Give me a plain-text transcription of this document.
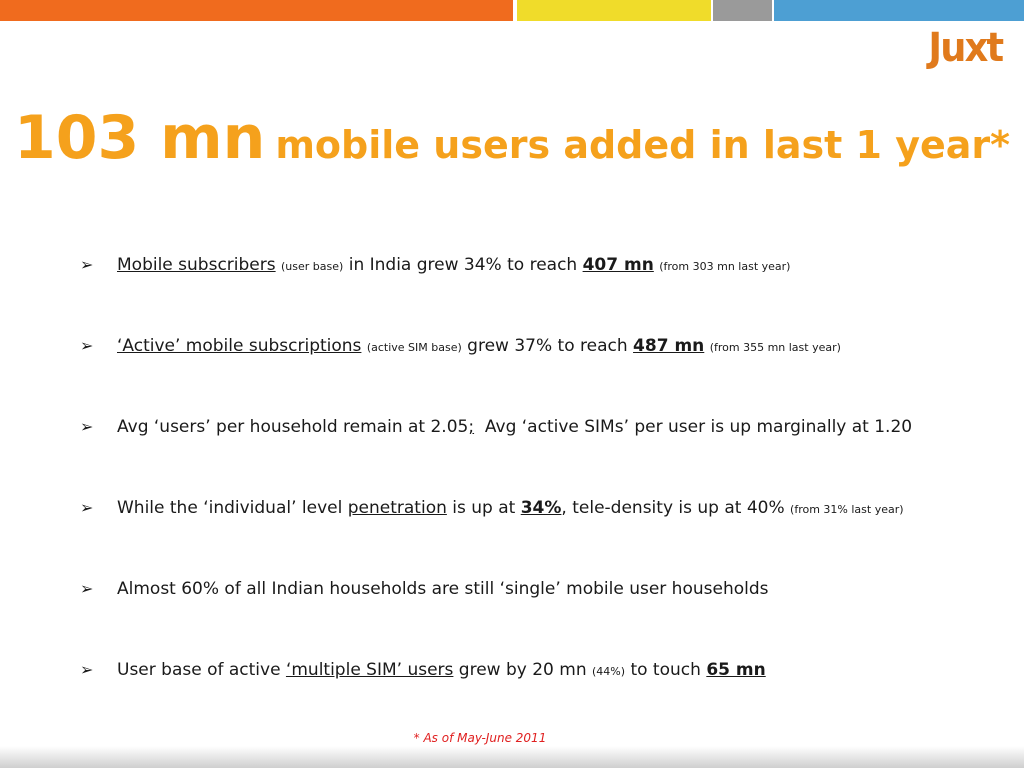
Juxt
103 mn mobile users added in last 1 year*
➢ Mobile subscribers (user base) in India grew 34% to reach 407 mn (from 303 mn last year)
➢ ‘Active’ mobile subscriptions (active SIM base) grew 37% to reach 487 mn (from 355 mn last year)
➢ Avg ‘users’ per household remain at 2.05;  Avg ‘active SIMs’ per user is up marginally at 1.20
➢ While the ‘individual’ level penetration is up at 34%, tele-density is up at 40% (from 31% last year)
➢ Almost 60% of all Indian households are still ‘single’ mobile user households
➢ User base of active ‘multiple SIM’ users grew by 20 mn (44%) to touch 65 mn
* As of May-June 2011
